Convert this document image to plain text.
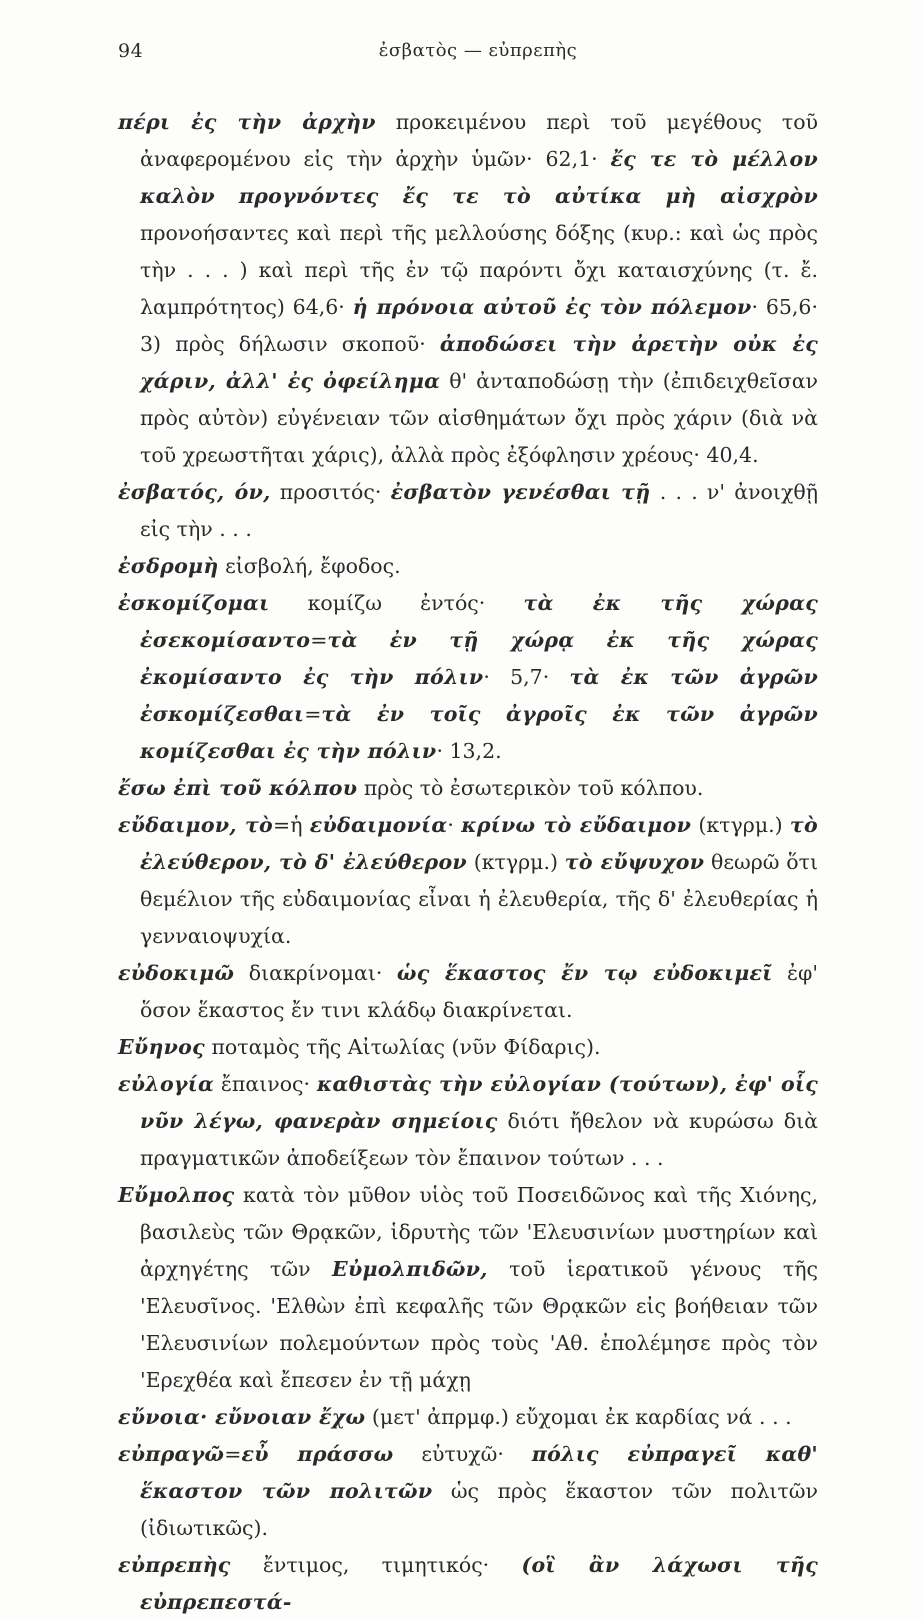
94	ἐσβατὸς — εὐπρεπὴς

πέρι ἐς τὴν ἀρχὴν προκειμένου περὶ τοῦ μεγέθους τοῦ ἀναφερομένου εἰς τὴν ἀρχὴν ὑμῶν· 62,1· ἔς τε τὸ μέλλον καλὸν προγνόντες ἔς τε τὸ αὐτίκα μὴ αἰσχρὸν προνοήσαντες καὶ περὶ τῆς μελλούσης δόξης (κυρ.: καὶ ὡς πρὸς τὴν . . . ) καὶ περὶ τῆς ἐν τῷ παρόντι ὄχι καταισχύνης (τ. ἔ. λαμπρότητος) 64,6· ἡ πρόνοια αὐτοῦ ἐς τὸν πόλεμον· 65,6· 3) πρὸς δήλωσιν σκοποῦ· ἀποδώσει τὴν ἀρετὴν οὐκ ἐς χάριν, ἀλλ' ἐς ὀφείλημα θ' ἀνταποδώσῃ τὴν (ἐπιδειχθεῖσαν πρὸς αὐτὸν) εὐγένειαν τῶν αἰσθημάτων ὄχι πρὸς χάριν (διὰ νὰ τοῦ χρεωστῆται χάρις), ἀλλὰ πρὸς ἐξόφλησιν χρέους· 40,4.

ἐσβατός, όν, προσιτός· ἐσβατὸν γενέσθαι τῇ . . . ν' ἀνοιχθῇ εἰς τὴν . . .

ἐσδρομὴ εἰσβολή, ἔφοδος.

ἐσκομίζομαι κομίζω ἐντός· τὰ ἐκ τῆς χώρας ἐσεκομίσαντο=τὰ ἐν τῇ χώρᾳ ἐκ τῆς χώρας ἐκομίσαντο ἐς τὴν πόλιν· 5,7· τὰ ἐκ τῶν ἀγρῶν ἐσκομίζεσθαι=τὰ ἐν τοῖς ἀγροῖς ἐκ τῶν ἀγρῶν κομίζεσθαι ἐς τὴν πόλιν· 13,2.

ἔσω ἐπὶ τοῦ κόλπου πρὸς τὸ ἐσωτερικὸν τοῦ κόλπου.

εὔδαιμον, τὸ=ἡ εὐδαιμονία· κρίνω τὸ εὔδαιμον (κτγρμ.) τὸ ἐλεύθερον, τὸ δ' ἐλεύθερον (κτγρμ.) τὸ εὔψυχον θεωρῶ ὅτι θεμέλιον τῆς εὐδαιμονίας εἶναι ἡ ἐλευθερία, τῆς δ' ἐλευθερίας ἡ γενναιοψυχία.

εὐδοκιμῶ διακρίνομαι· ὡς ἕκαστος ἔν τῳ εὐδοκιμεῖ ἐφ' ὅσον ἕκαστος ἔν τινι κλάδῳ διακρίνεται.

Εὔηνος ποταμὸς τῆς Αἰτωλίας (νῦν Φίδαρις).

εὐλογία ἔπαινος· καθιστὰς τὴν εὐλογίαν (τούτων), ἐφ' οἷς νῦν λέγω, φανερὰν σημείοις διότι ἤθελον νὰ κυρώσω διὰ πραγματικῶν ἀποδείξεων τὸν ἔπαινον τούτων . . .

Εὔμολπος κατὰ τὸν μῦθον υἱὸς τοῦ Ποσειδῶνος καὶ τῆς Χιόνης, βασιλεὺς τῶν Θρᾳκῶν, ἱδρυτὴς τῶν 'Ελευσινίων μυστηρίων καὶ ἀρχηγέτης τῶν Εὐμολπιδῶν, τοῦ ἱερατικοῦ γένους τῆς 'Ελευσῖνος. 'Ελθὼν ἐπὶ κεφαλῆς τῶν Θρᾳκῶν εἰς βοήθειαν τῶν 'Ελευσινίων πολεμούντων πρὸς τοὺς 'Αθ. ἐπολέμησε πρὸς τὸν 'Ερεχθέα καὶ ἔπεσεν ἐν τῇ μάχῃ

εὔνοια· εὔνοιαν ἔχω (μετ' ἀπρμφ.) εὔχομαι ἐκ καρδίας νά . . .

εὐπραγῶ=εὖ πράσσω εὐτυχῶ· πόλις εὐπραγεῖ καθ' ἕκαστον τῶν πολιτῶν ὡς πρὸς ἕκαστον τῶν πολιτῶν (ἰδιωτικῶς).

εὐπρεπὴς ἔντιμος, τιμητικός· (οἳ ἂν λάχωσι τῆς εὐπρεπεστά-
